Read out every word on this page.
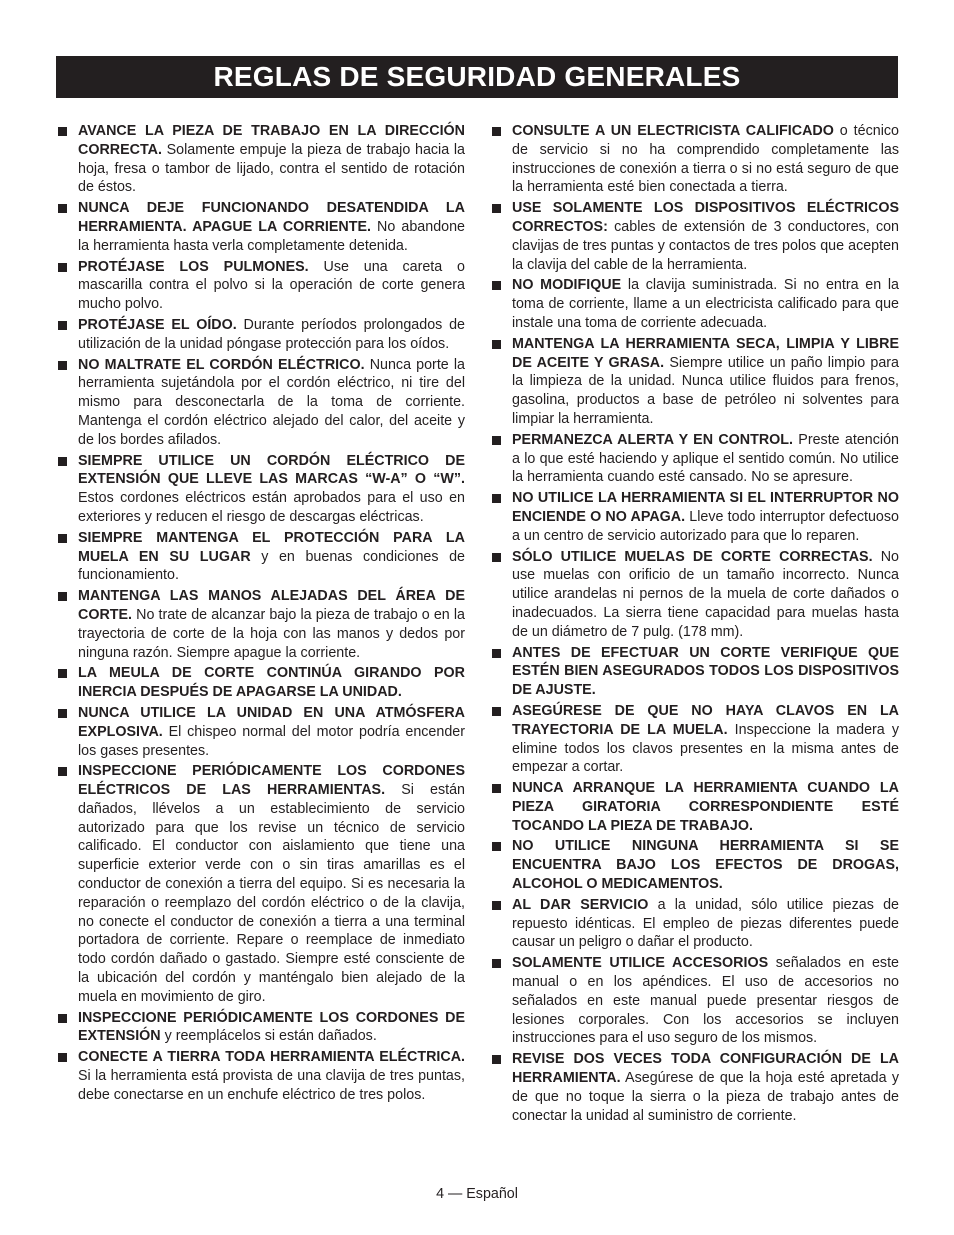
REGLAS DE SEGURIDAD GENERALES
AVANCE LA PIEZA DE TRABAJO EN LA DIRECCIÓN CORRECTA. Solamente empuje la pieza de trabajo hacia la hoja, fresa o tambor de lijado, contra el sentido de rotación de éstos.
NUNCA DEJE FUNCIONANDO DESATENDIDA LA HERRAMIENTA. APAGUE LA CORRIENTE. No abandone la herramienta hasta verla completamente detenida.
PROTÉJASE LOS PULMONES. Use una careta o mascarilla contra el polvo si la operación de corte genera mucho polvo.
PROTÉJASE EL OÍDO. Durante períodos prolongados de utilización de la unidad póngase protección para los oídos.
NO MALTRATE EL CORDÓN ELÉCTRICO. Nunca porte la herramienta sujetándola por el cordón eléctrico, ni tire del mismo para desconectarla de la toma de corriente. Mantenga el cordón eléctrico alejado del calor, del aceite y de los bordes afilados.
SIEMPRE UTILICE UN CORDÓN ELÉCTRICO DE EXTENSIÓN QUE LLEVE LAS MARCAS “W-A” O “W”. Estos cordones eléctricos están aprobados para el uso en exteriores y reducen el riesgo de descargas eléctricas.
SIEMPRE MANTENGA EL PROTECCIÓN PARA LA MUELA EN SU LUGAR y en buenas condiciones de funcionamiento.
MANTENGA LAS MANOS ALEJADAS DEL ÁREA DE CORTE. No trate de alcanzar bajo la pieza de trabajo o en la trayectoria de corte de la hoja con las manos y dedos por ninguna razón. Siempre apague la corriente.
LA MEULA DE CORTE CONTINÚA GIRANDO POR INERCIA DESPUÉS DE APAGARSE LA UNIDAD.
NUNCA UTILICE LA UNIDAD EN UNA ATMÓSFERA EXPLOSIVA. El chispeo normal del motor podría encender los gases presentes.
INSPECCIONE PERIÓDICAMENTE LOS CORDONES ELÉCTRICOS DE LAS HERRAMIENTAS. Si están dañados, llévelos a un establecimiento de servicio autorizado para que los revise un técnico de servicio calificado. El conductor con aislamiento que tiene una superficie exterior verde con o sin tiras amarillas es el conductor de conexión a tierra del equipo. Si es necesaria la reparación o reemplazo del cordón eléctrico o de la clavija, no conecte el conductor de conexión a tierra a una terminal portadora de corriente. Repare o reemplace de inmediato todo cordón dañado o gastado. Siempre esté consciente de la ubicación del cordón y manténgalo bien alejado de la muela en movimiento de giro.
INSPECCIONE PERIÓDICAMENTE LOS CORDONES DE EXTENSIÓN y reemplácelos si están dañados.
CONECTE A TIERRA TODA HERRAMIENTA ELÉCTRICA. Si la herramienta está provista de una clavija de tres puntas, debe conectarse en un enchufe eléctrico de tres polos.
CONSULTE A UN ELECTRICISTA CALIFICADO o técnico de servicio si no ha comprendido completamente las instrucciones de conexión a tierra o si no está seguro de que la herramienta esté bien conectada a tierra.
USE SOLAMENTE LOS DISPOSITIVOS ELÉCTRICOS CORRECTOS: cables de extensión de 3 conductores, con clavijas de tres puntas y contactos de tres polos que acepten la clavija del cable de la herramienta.
NO MODIFIQUE la clavija suministrada. Si no entra en la toma de corriente, llame a un electricista calificado para que instale una toma de corriente adecuada.
MANTENGA LA HERRAMIENTA SECA, LIMPIA Y LIBRE DE ACEITE Y GRASA. Siempre utilice un paño limpio para la limpieza de la unidad. Nunca utilice fluidos para frenos, gasolina, productos a base de petróleo ni solventes para limpiar la herramienta.
PERMANEZCA ALERTA Y EN CONTROL. Preste atención a lo que esté haciendo y aplique el sentido común. No utilice la herramienta cuando esté cansado. No se apresure.
NO UTILICE LA HERRAMIENTA SI EL INTERRUPTOR NO ENCIENDE O NO APAGA. Lleve todo interruptor defectuoso a un centro de servicio autorizado para que lo reparen.
SÓLO UTILICE MUELAS DE CORTE CORRECTAS. No use muelas con orificio de un tamaño incorrecto. Nunca utilice arandelas ni pernos de la muela de corte dañados o inadecuados. La sierra tiene capacidad para muelas hasta de un diámetro de 7 pulg. (178 mm).
ANTES DE EFECTUAR UN CORTE VERIFIQUE QUE ESTÉN BIEN ASEGURADOS TODOS LOS DISPOSITIVOS DE AJUSTE.
ASEGÚRESE DE QUE NO HAYA CLAVOS EN LA TRAYECTORIA DE LA MUELA. Inspeccione la madera y elimine todos los clavos presentes en la misma antes de empezar a cortar.
NUNCA ARRANQUE LA HERRAMIENTA CUANDO LA PIEZA GIRATORIA CORRESPONDIENTE ESTÉ TOCANDO LA PIEZA DE TRABAJO.
NO UTILICE NINGUNA HERRAMIENTA SI SE ENCUENTRA BAJO LOS EFECTOS DE DROGAS, ALCOHOL O MEDICAMENTOS.
AL DAR SERVICIO a la unidad, sólo utilice piezas de repuesto idénticas. El empleo de piezas diferentes puede causar un peligro o dañar el producto.
SOLAMENTE UTILICE ACCESORIOS señalados en este manual o en los apéndices. El uso de accesorios no señalados en este manual puede presentar riesgos de lesiones corporales. Con los accesorios se incluyen instrucciones para el uso seguro de los mismos.
REVISE DOS VECES TODA CONFIGURACIÓN DE LA HERRAMIENTA. Asegúrese de que la hoja esté apretada y de que no toque la sierra o la pieza de trabajo antes de conectar la unidad al suministro de corriente.
4 — Español
